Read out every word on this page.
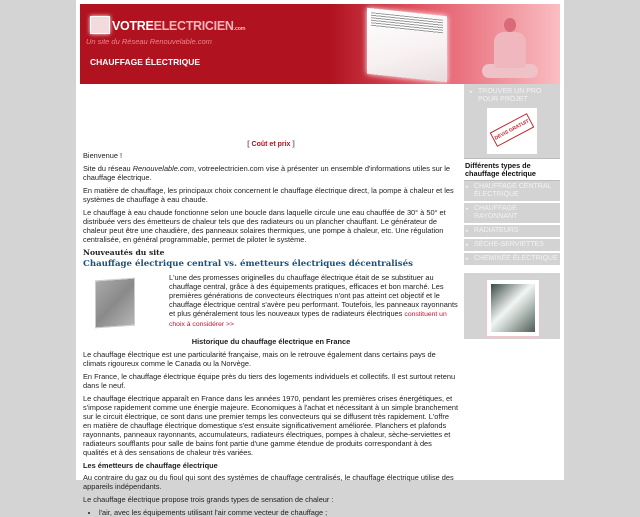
VOTREELECTRICIEN.com
Un site du Réseau Renouvelable.com
CHAUFFAGE ÉLECTRIQUE

[ Coût et prix ]

Bienvenue !

Site du réseau Renouvelable.com, votreelectricien.com vise à présenter un ensemble d'informations utiles sur le chauffage électrique.

En matière de chauffage, les principaux choix concernent le chauffage électrique direct, la pompe à chaleur et les systèmes de chauffage à eau chaude.

Le chauffage à eau chaude fonctionne selon une boucle dans laquelle circule une eau chauffée de 30° à 50° et distribuée vers des émetteurs de chaleur tels que des radiateurs ou un plancher chauffant. Le générateur de chaleur peut être une chaudière, des panneaux solaires thermiques, une pompe à chaleur, etc. Une régulation centralisée, en général programmable, permet de piloter le système.

Nouveautés du site
Chauffage électrique central vs. émetteurs électriques décentralisés
L'une des promesses originelles du chauffage électrique était de se substituer au chauffage central, grâce à des équipements pratiques, efficaces et bon marché. Les premières générations de convecteurs électriques n'ont pas atteint cet objectif et le chauffage électrique central s'avère peu performant. Toutefois, les panneaux rayonnants et plus généralement tous les nouveaux types de radiateurs électriques constituent un choix à considérer >>
Historique du chauffage électrique en France

Le chauffage électrique est une particularité française, mais on le retrouve également dans certains pays de climats rigoureux comme le Canada ou la Norvège.

En France, le chauffage électrique équipe près du tiers des logements individuels et collectifs. Il est surtout retenu dans le neuf.

Le chauffage électrique apparaît en France dans les années 1970, pendant les premières crises énergétiques, et s'impose rapidement comme une énergie majeure. Economiques à l'achat et nécessitant à un simple branchement sur le circuit électrique, ce sont dans une premier temps les convecteurs qui se diffusent très rapidement. L'offre en matière de chauffage électrique domestique s'est ensuite significativement améliorée. Planchers et plafonds rayonnants, panneaux rayonnants, accumulateurs, radiateurs électriques, pompes à chaleur, sèche-serviettes et radiateurs soufflants pour salle de bains font partie d'une gamme étendue de produits correspondant à des qualités et à des sensations de chaleur très variées.

Les émetteurs de chauffage électrique

Au contraire du gaz ou du fioul qui sont des systèmes de chauffage centralisés, le chauffage électrique utilise des appareils indépendants.

Le chauffage électrique propose trois grands types de sensation de chaleur :

• l'air, avec les équipements utilisant l'air comme vecteur de chauffage ;
▸ TROUVER UN PRO POUR PROJET
DEVIS GRATUIT
Différents types de chauffage électrique
▸ CHAUFFAGE CENTRAL ÉLECTRIQUE
▸ CHAUFFAGE RAYONNANT
▸ RADIATEURS
▸ SÈCHE-SERVIETTES
▸ CHEMINÉE ÉLECTRIQUE
